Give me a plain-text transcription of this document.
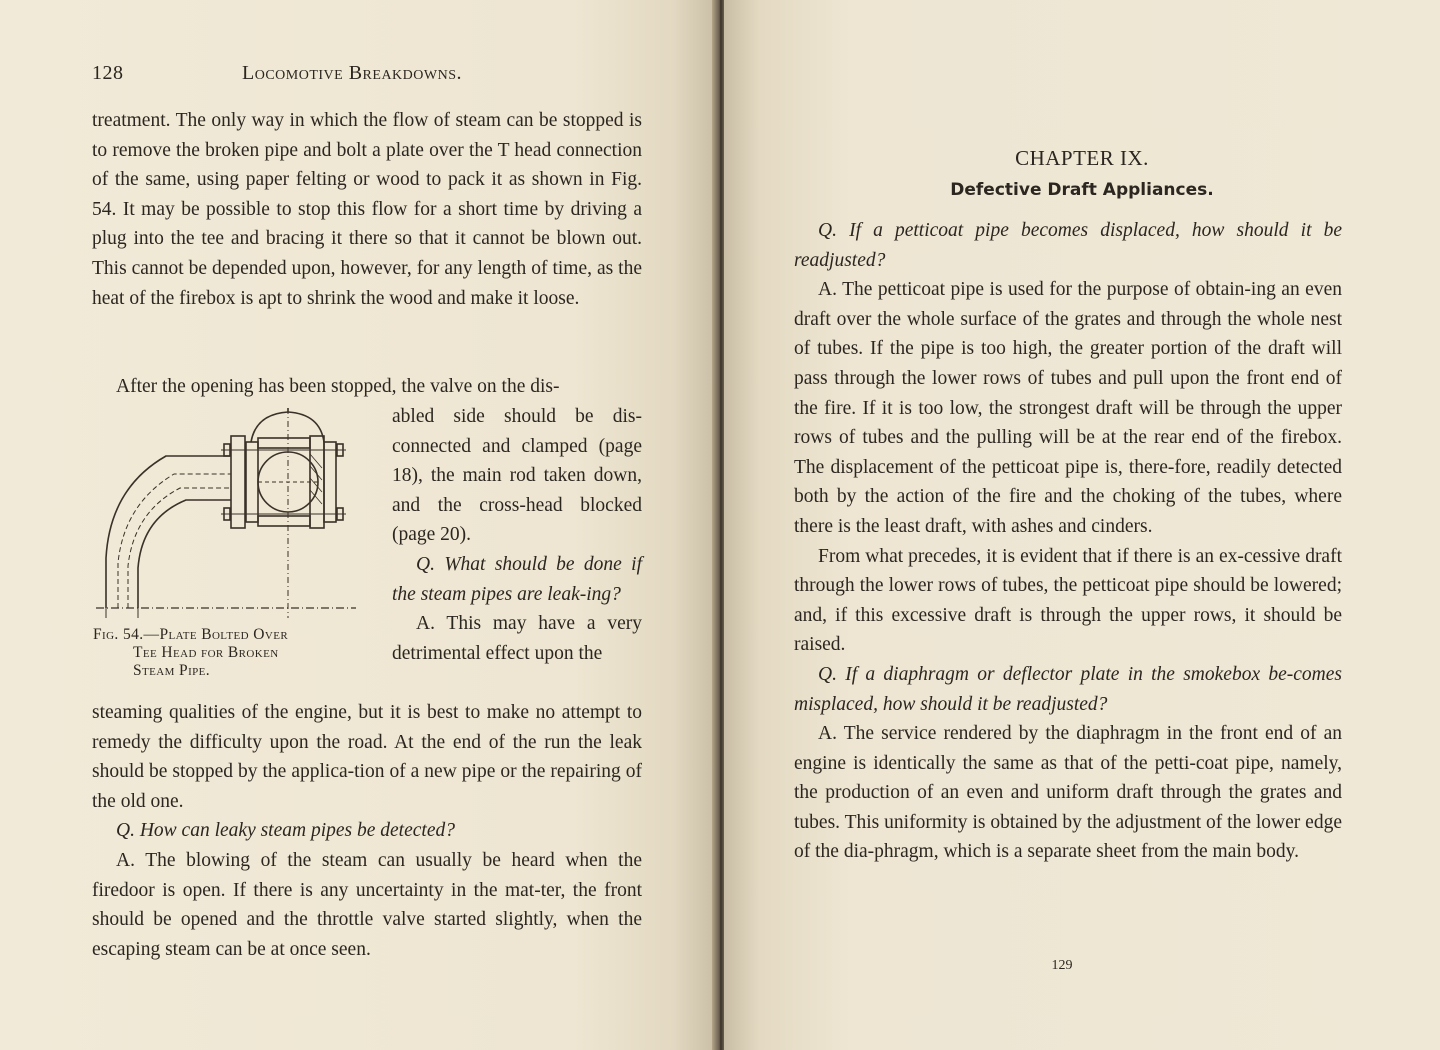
128	Locomotive Breakdowns.

treatment. The only way in which the flow of steam can be stopped is to remove the broken pipe and bolt a plate over the T head connection of the same, using paper felting or wood to pack it as shown in Fig. 54. It may be possible to stop this flow for a short time by driving a plug into the tee and bracing it there so that it cannot be blown out. This cannot be depended upon, however, for any length of time, as the heat of the firebox is apt to shrink the wood and make it loose.

After the opening has been stopped, the valve on the dis-

Fig. 54.—Plate Bolted Over
Tee Head for Broken
Steam Pipe.

abled side should be dis-connected and clamped (page 18), the main rod taken down, and the cross-head blocked (page 20).

Q. What should be done if the steam pipes are leak-ing?

A. This may have a very detrimental effect upon the

steaming qualities of the engine, but it is best to make no attempt to remedy the difficulty upon the road. At the end of the run the leak should be stopped by the applica-tion of a new pipe or the repairing of the old one.

Q. How can leaky steam pipes be detected?

A. The blowing of the steam can usually be heard when the firedoor is open. If there is any uncertainty in the mat-ter, the front should be opened and the throttle valve started slightly, when the escaping steam can be at once seen.

CHAPTER IX.
Defective Draft Appliances.

Q. If a petticoat pipe becomes displaced, how should it be readjusted?

A. The petticoat pipe is used for the purpose of obtain-ing an even draft over the whole surface of the grates and through the whole nest of tubes. If the pipe is too high, the greater portion of the draft will pass through the lower rows of tubes and pull upon the front end of the fire. If it is too low, the strongest draft will be through the upper rows of tubes and the pulling will be at the rear end of the firebox. The displacement of the petticoat pipe is, there-fore, readily detected both by the action of the fire and the choking of the tubes, where there is the least draft, with ashes and cinders.

From what precedes, it is evident that if there is an ex-cessive draft through the lower rows of tubes, the petticoat pipe should be lowered; and, if this excessive draft is through the upper rows, it should be raised.

Q. If a diaphragm or deflector plate in the smokebox be-comes misplaced, how should it be readjusted?

A. The service rendered by the diaphragm in the front end of an engine is identically the same as that of the petti-coat pipe, namely, the production of an even and uniform draft through the grates and tubes. This uniformity is obtained by the adjustment of the lower edge of the dia-phragm, which is a separate sheet from the main body.

129
